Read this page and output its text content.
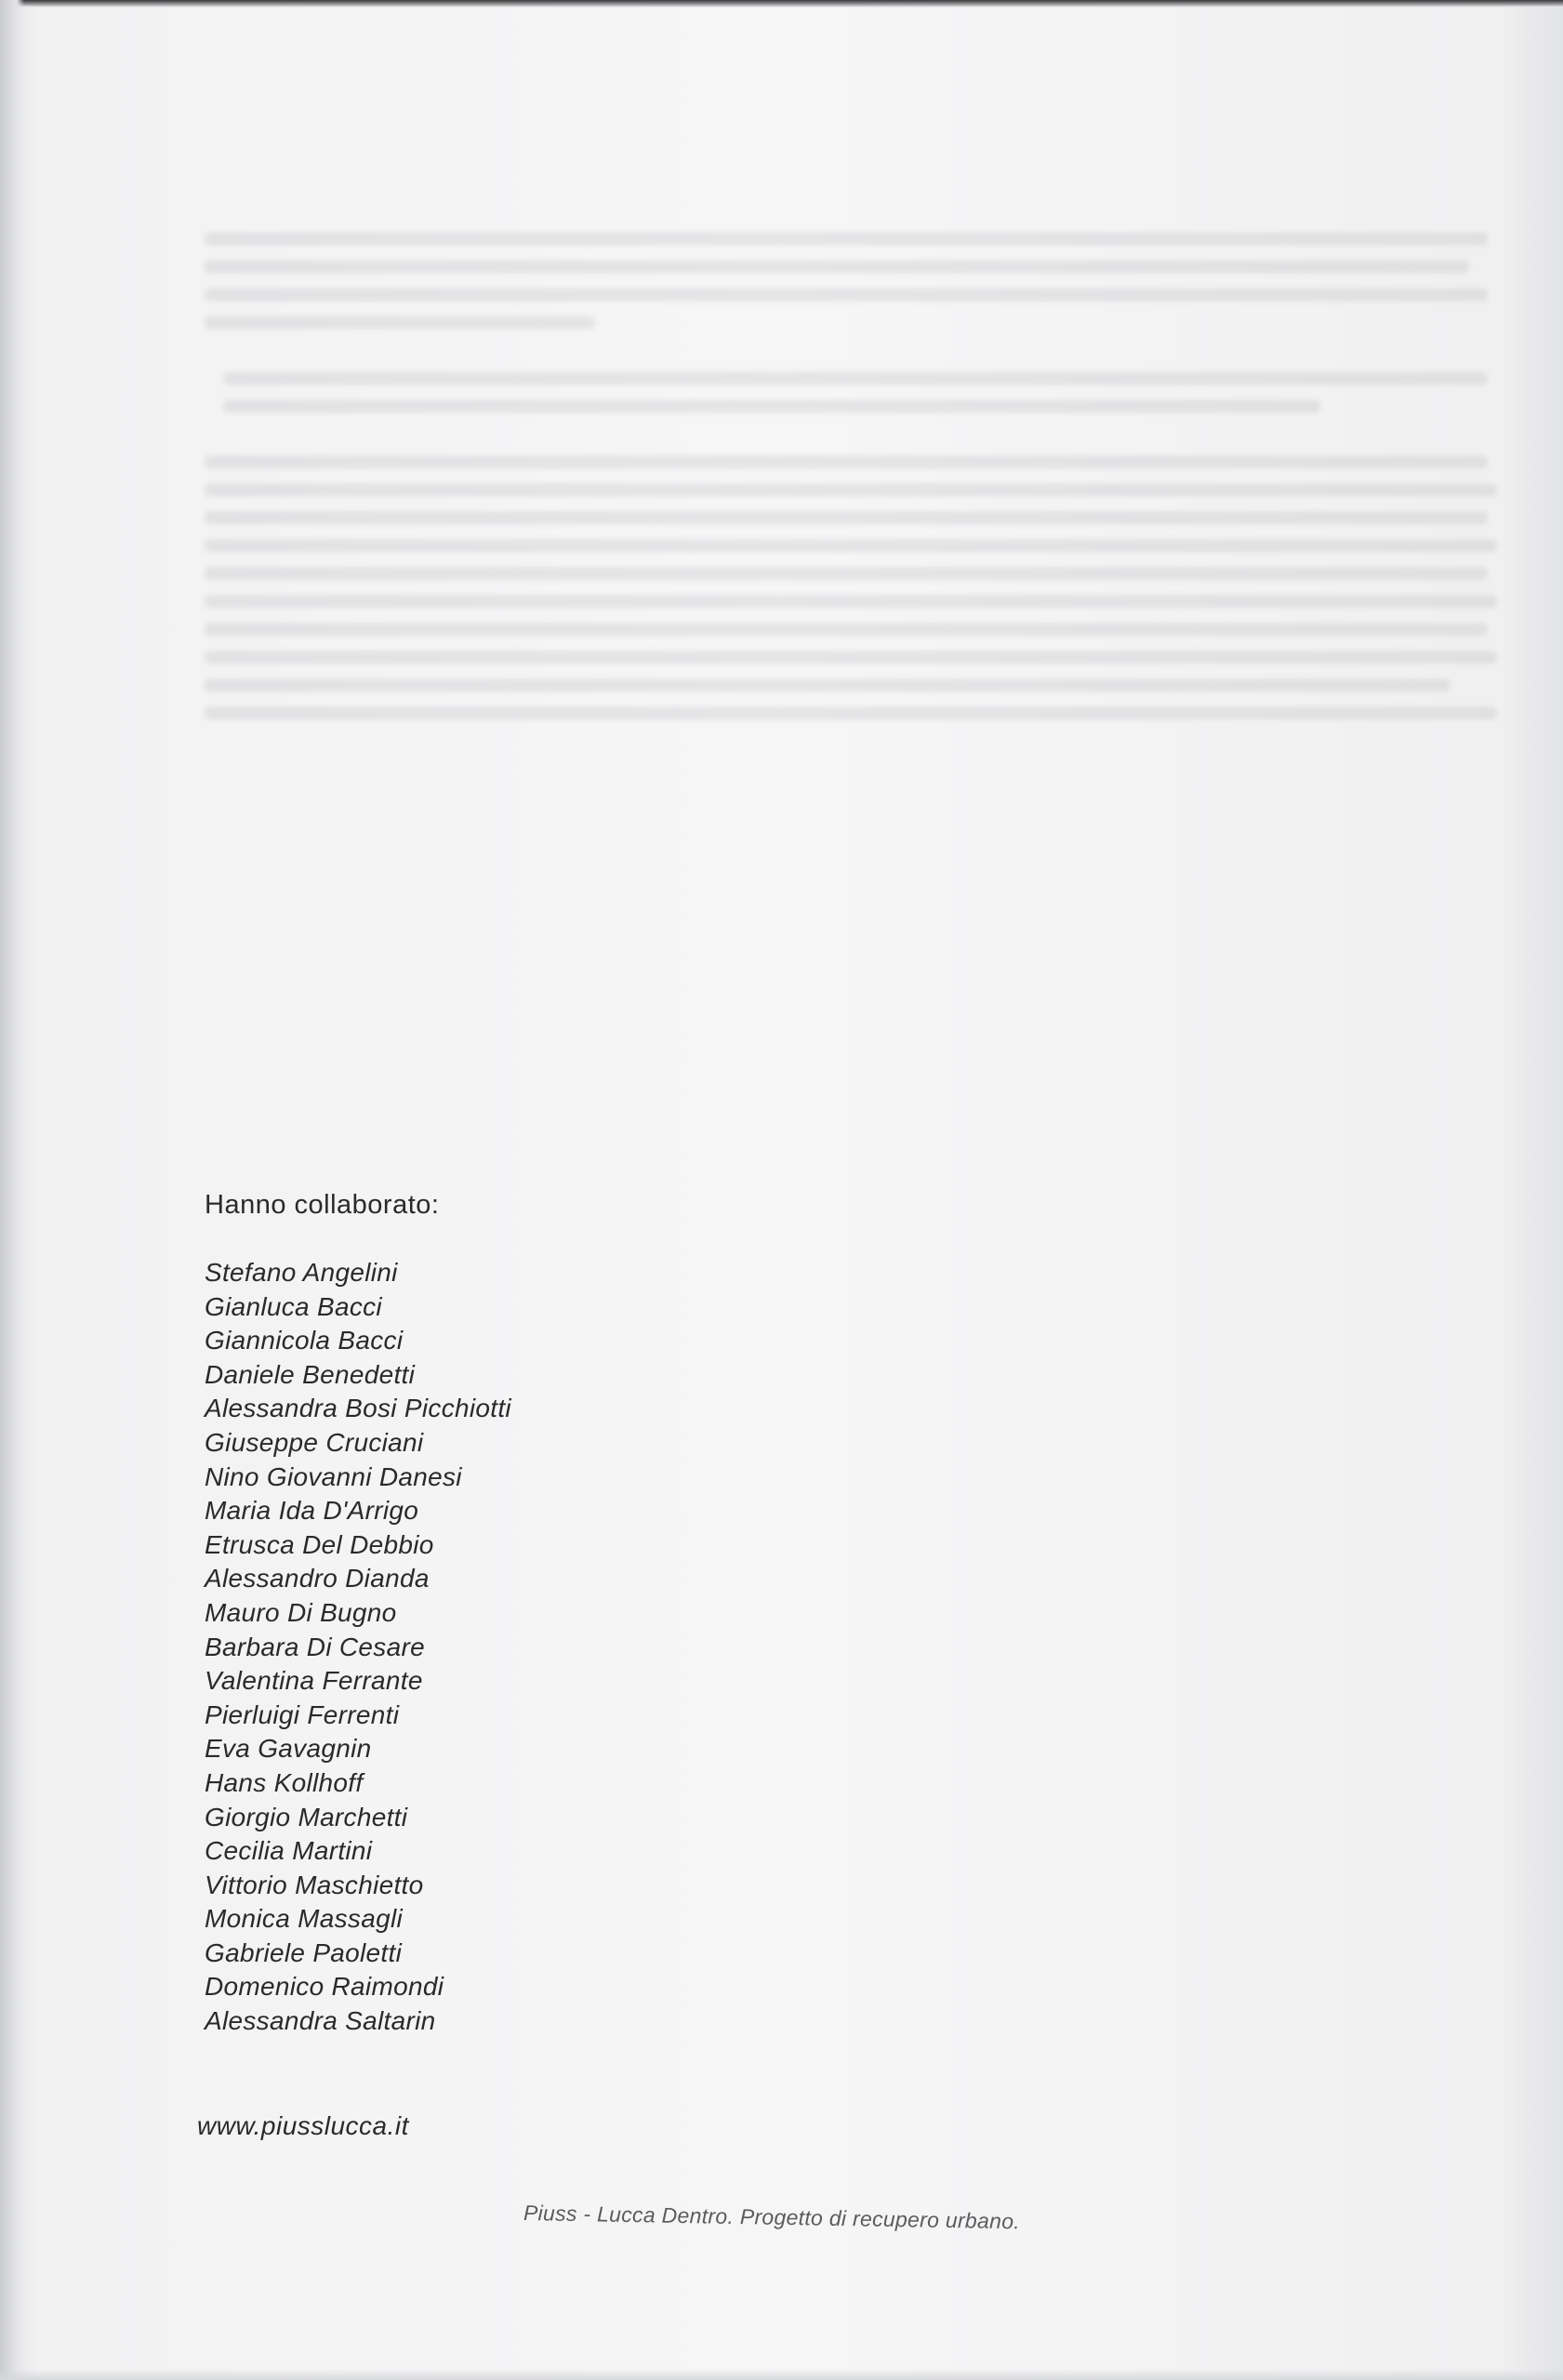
Hanno collaborato:
Stefano Angelini
Gianluca Bacci
Giannicola Bacci
Daniele Benedetti
Alessandra Bosi Picchiotti
Giuseppe Cruciani
Nino Giovanni Danesi
Maria Ida D'Arrigo
Etrusca Del Debbio
Alessandro Dianda
Mauro Di Bugno
Barbara Di Cesare
Valentina Ferrante
Pierluigi Ferrenti
Eva Gavagnin
Hans Kollhoff
Giorgio Marchetti
Cecilia Martini
Vittorio Maschietto
Monica Massagli
Gabriele Paoletti
Domenico Raimondi
Alessandra Saltarin
www.piusslucca.it
Piuss - Lucca Dentro. Progetto di recupero urbano.
